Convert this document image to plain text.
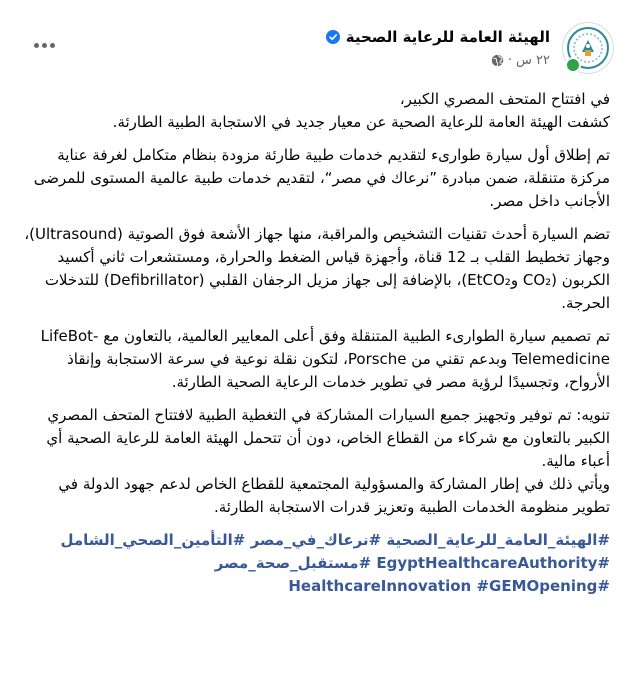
الهيئة العامة للرعاية الصحية
٢٢ س
·

في افتتاح المتحف المصري الكبير،
كشفت الهيئة العامة للرعاية الصحية عن معيار جديد في الاستجابة الطبية الطارئة.

تم إطلاق أول سيارة طوارىء لتقديم خدمات طبية طارئة مزودة بنظام متكامل لغرفة عناية مركزة متنقلة، ضمن مبادرة ”نرعاك في مصر“، لتقديم خدمات طبية عالمية المستوى للمرضى الأجانب داخل مصر.

تضم السيارة أحدث تقنيات التشخيص والمراقبة، منها جهاز الأشعة فوق الصوتية (Ultrasound)، وجهاز تخطيط القلب بـ 12 قناة، وأجهزة قياس الضغط والحرارة، ومستشعرات ثاني أكسيد الكربون (CO₂ وEtCO₂)، بالإضافة إلى جهاز مزيل الرجفان القلبي (Defibrillator) للتدخلات الحرجة.

تم تصميم سيارة الطوارىء الطبية المتنقلة وفق أعلى المعايير العالمية، بالتعاون مع LifeBot-Telemedicine وبدعم تقني من Porsche، لتكون نقلة نوعية في سرعة الاستجابة وإنقاذ الأرواح، وتجسيدًا لرؤية مصر في تطوير خدمات الرعاية الصحية الطارئة.

تنويه: تم توفير وتجهيز جميع السيارات المشاركة في التغطية الطبية لافتتاح المتحف المصري الكبير بالتعاون مع شركاء من القطاع الخاص، دون أن تتحمل الهيئة العامة للرعاية الصحية أي أعباء مالية.
ويأتي ذلك في إطار المشاركة والمسؤولية المجتمعية للقطاع الخاص لدعم جهود الدولة في تطوير منظومة الخدمات الطبية وتعزيز قدرات الاستجابة الطارئة.

#الهيئة_العامة_للرعاية_الصحية #نرعاك_في_مصر #التأمين_الصحي_الشامل #EgyptHealthcareAuthority #مستقبل_صحة_مصر #HealthcareInnovation #GEMOpening
